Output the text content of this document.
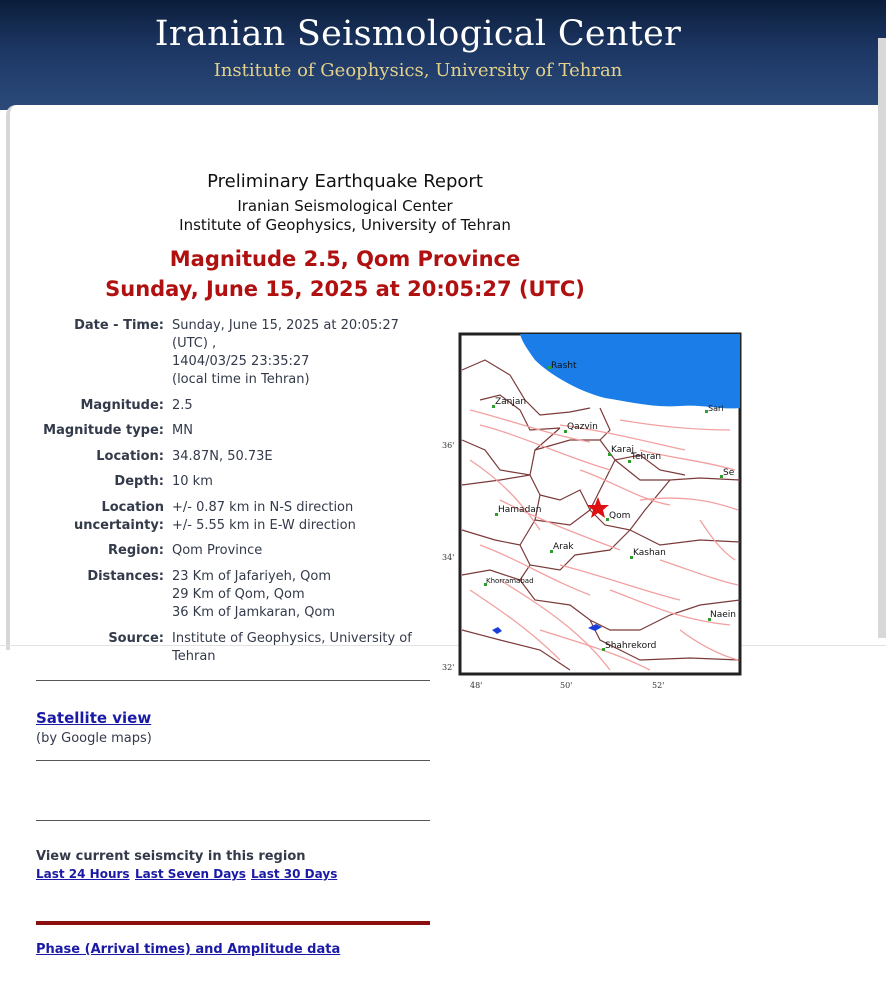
Iranian Seismological Center
Institute of Geophysics, University of Tehran
Preliminary Earthquake Report
Iranian Seismological Center
Institute of Geophysics, University of Tehran
Magnitude 2.5, Qom Province
Sunday, June 15, 2025 at 20:05:27 (UTC)
Date - Time: Sunday, June 15, 2025 at 20:05:27
(UTC) ,
1404/03/25 23:35:27
(local time in Tehran)
Magnitude: 2.5
Magnitude type: MN
Location: 34.87N, 50.73E
Depth: 10 km
Location
uncertainty:
+/- 0.87 km in N-S direction
+/- 5.55 km in E-W direction
Region: Qom Province
Distances: 23 Km of Jafariyeh, Qom
29 Km of Qom, Qom
36 Km of Jamkaran, Qom
Source: Institute of Geophysics, University of
Tehran
Rasht
Zanjan
Qazvin
Sari
Karaj
Tehran
Se
Hamadan
Qom
Arak
Kashan
Khorramabad
Naein
Shahrekord
36'
34'
32'
48'	50'	52'
Satellite view
(by Google maps)
View current seismcity in this region
Last 24 Hours Last Seven Days Last 30 Days
Phase (Arrival times) and Amplitude data
